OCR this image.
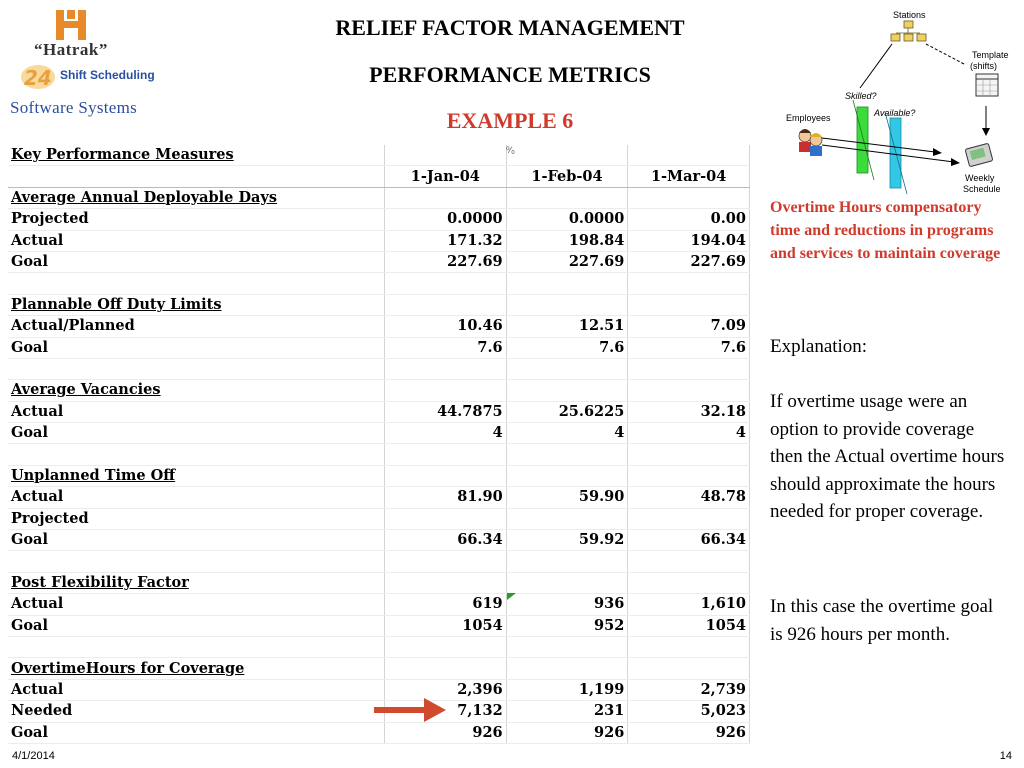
“Hatrak”
24 Shift Scheduling
Software Systems
RELIEF FACTOR MANAGEMENT
PERFORMANCE METRICS
EXAMPLE 6
Stations
Template
(shifts)
Skilled?
Available?
Employees
Weekly
Schedule
Key Performance Measures			
	1-Jan-04	1-Feb-04	1-Mar-04
Average Annual Deployable Days			
Projected	0.0000	0.0000	0.00
Actual	171.32	198.84	194.04
Goal	227.69	227.69	227.69

Plannable Off Duty Limits			
Actual/Planned	10.46	12.51	7.09
Goal	7.6	7.6	7.6

Average Vacancies			
Actual	44.7875	25.6225	32.18
Goal	4	4	4

Unplanned Time Off			
Actual	81.90	59.90	48.78
Projected			
Goal	66.34	59.92	66.34

Post Flexibility Factor			
Actual	619	936	1,610
Goal	1054	952	1054

OvertimeHours for Coverage			
Actual	2,396	1,199	2,739
Needed	7,132	231	5,023
Goal	926	926	926
⁰⁄₀
Overtime Hours compensatory time and reductions in programs and services to maintain coverage
Explanation:
If overtime usage were an option to provide coverage then the Actual overtime hours should approximate the hours needed for proper coverage.
In this case the overtime goal is 926 hours per month.
4/1/2014	14
